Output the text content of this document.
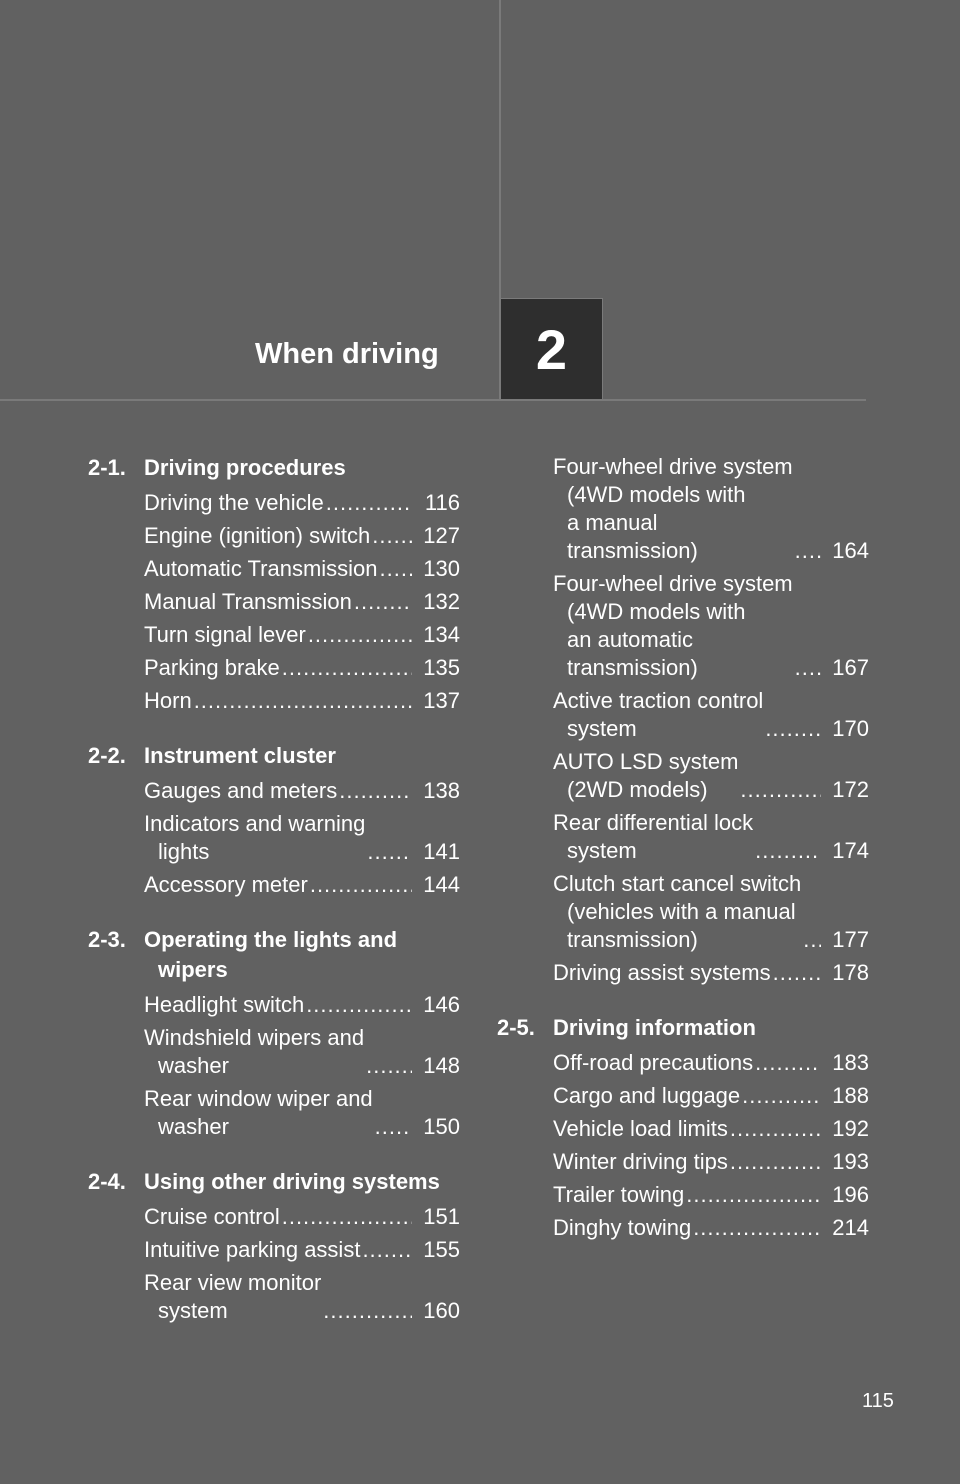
When driving	2
2-1. Driving procedures
Driving the vehicle .....	116
Engine (ignition) switch .....	127
Automatic Transmission .....	130
Manual Transmission .....	132
Turn signal lever .....	134
Parking brake .....	135
Horn .....	137
2-2. Instrument cluster
Gauges and meters .....	138
Indicators and warning
lights .....	141
Accessory meter .....	144
2-3. Operating the lights and
wipers
Headlight switch .....	146
Windshield wipers and
washer .....	148
Rear window wiper and
washer .....	150
2-4. Using other driving systems
Cruise control .....	151
Intuitive parking assist .....	155
Rear view monitor
system .....	160
Four-wheel drive system
(4WD models with
a manual
transmission) .....	164
Four-wheel drive system
(4WD models with
an automatic
transmission) .....	167
Active traction control
system .....	170
AUTO LSD system
(2WD models) .....	172
Rear differential lock
system .....	174
Clutch start cancel switch
(vehicles with a manual
transmission) .....	177
Driving assist systems .....	178
2-5. Driving information
Off-road precautions .....	183
Cargo and luggage .....	188
Vehicle load limits .....	192
Winter driving tips .....	193
Trailer towing .....	196
Dinghy towing .....	214
115
